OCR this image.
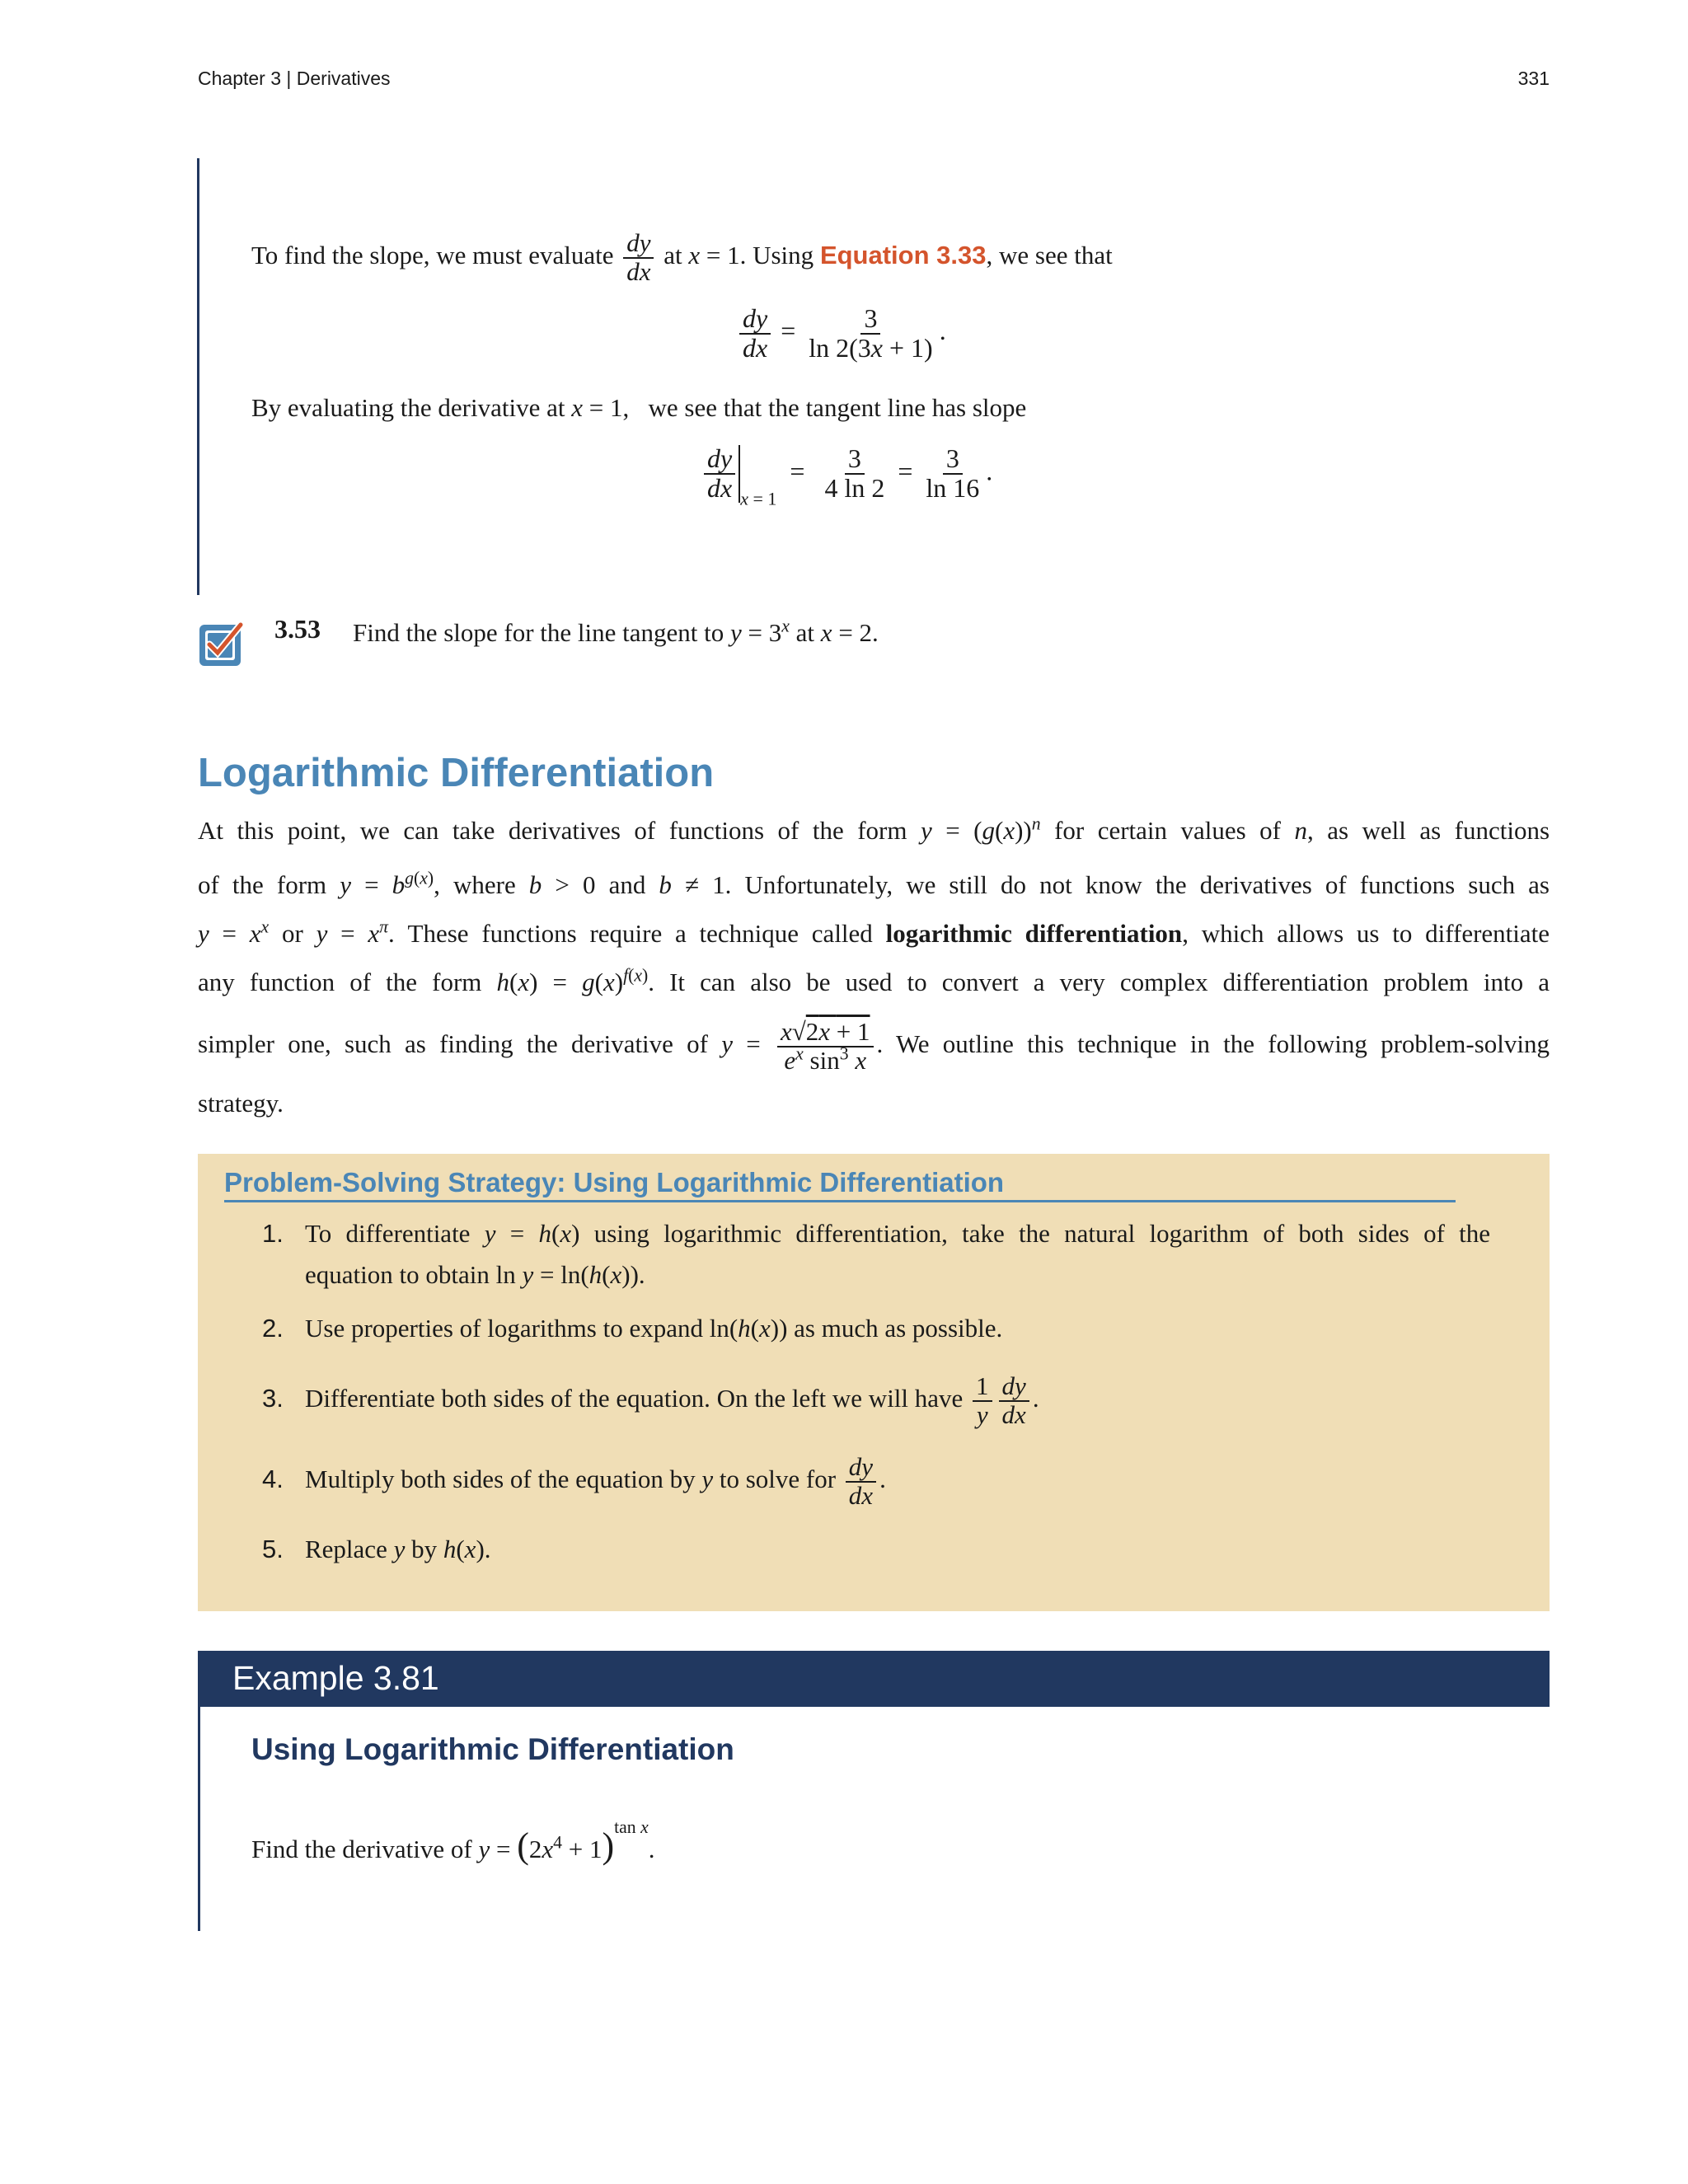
Chapter 3 | Derivatives	331
To find the slope, we must evaluate $\frac{dy}{dx}$ at x = 1. Using Equation 3.33, we see that
$\frac{dy}{dx} = \frac{3}{\ln 2(3x + 1)}$ .
By evaluating the derivative at x = 1, we see that the tangent line has slope
$\frac{dy}{dx} _{x = 1} = \frac{3}{4 \ln 2} = \frac{3}{\ln 16}$ .
3.53 Find the slope for the line tangent to $y = 3^x$ at x = 2.
Logarithmic Differentiation
At this point, we can take derivatives of functions of the form $y = (g(x))^n$ for certain values of n, as well as functions
of the form $y = b^{g(x)}$, where b > 0 and b ≠ 1. Unfortunately, we still do not know the derivatives of functions such as
$y = x^x$ or $y = x^\pi$. These functions require a technique called logarithmic differentiation, which allows us to differentiate
any function of the form $h(x) = g(x)^{f(x)}$. It can also be used to convert a very complex differentiation problem into a
simpler one, such as finding the derivative of $y = \frac{x√2x + 1}{e^x \sin^3 x}$ . We outline this technique in the following problem-solving
strategy.
Problem-Solving Strategy: Using Logarithmic Differentiation
1. To differentiate y = h(x) using logarithmic differentiation, take the natural logarithm of both sides of the
equation to obtain ln y = ln(h(x)).
2. Use properties of logarithms to expand ln(h(x)) as much as possible.
3. Differentiate both sides of the equation. On the left we will have $\frac{1}{y} \frac{dy}{dx}$ .
4. Multiply both sides of the equation by y to solve for $\frac{dy}{dx}$ .
5. Replace y by h(x).
Example 3.81
Using Logarithmic Differentiation
Find the derivative of $y = (2x^4 + 1)^{tan x}$.
